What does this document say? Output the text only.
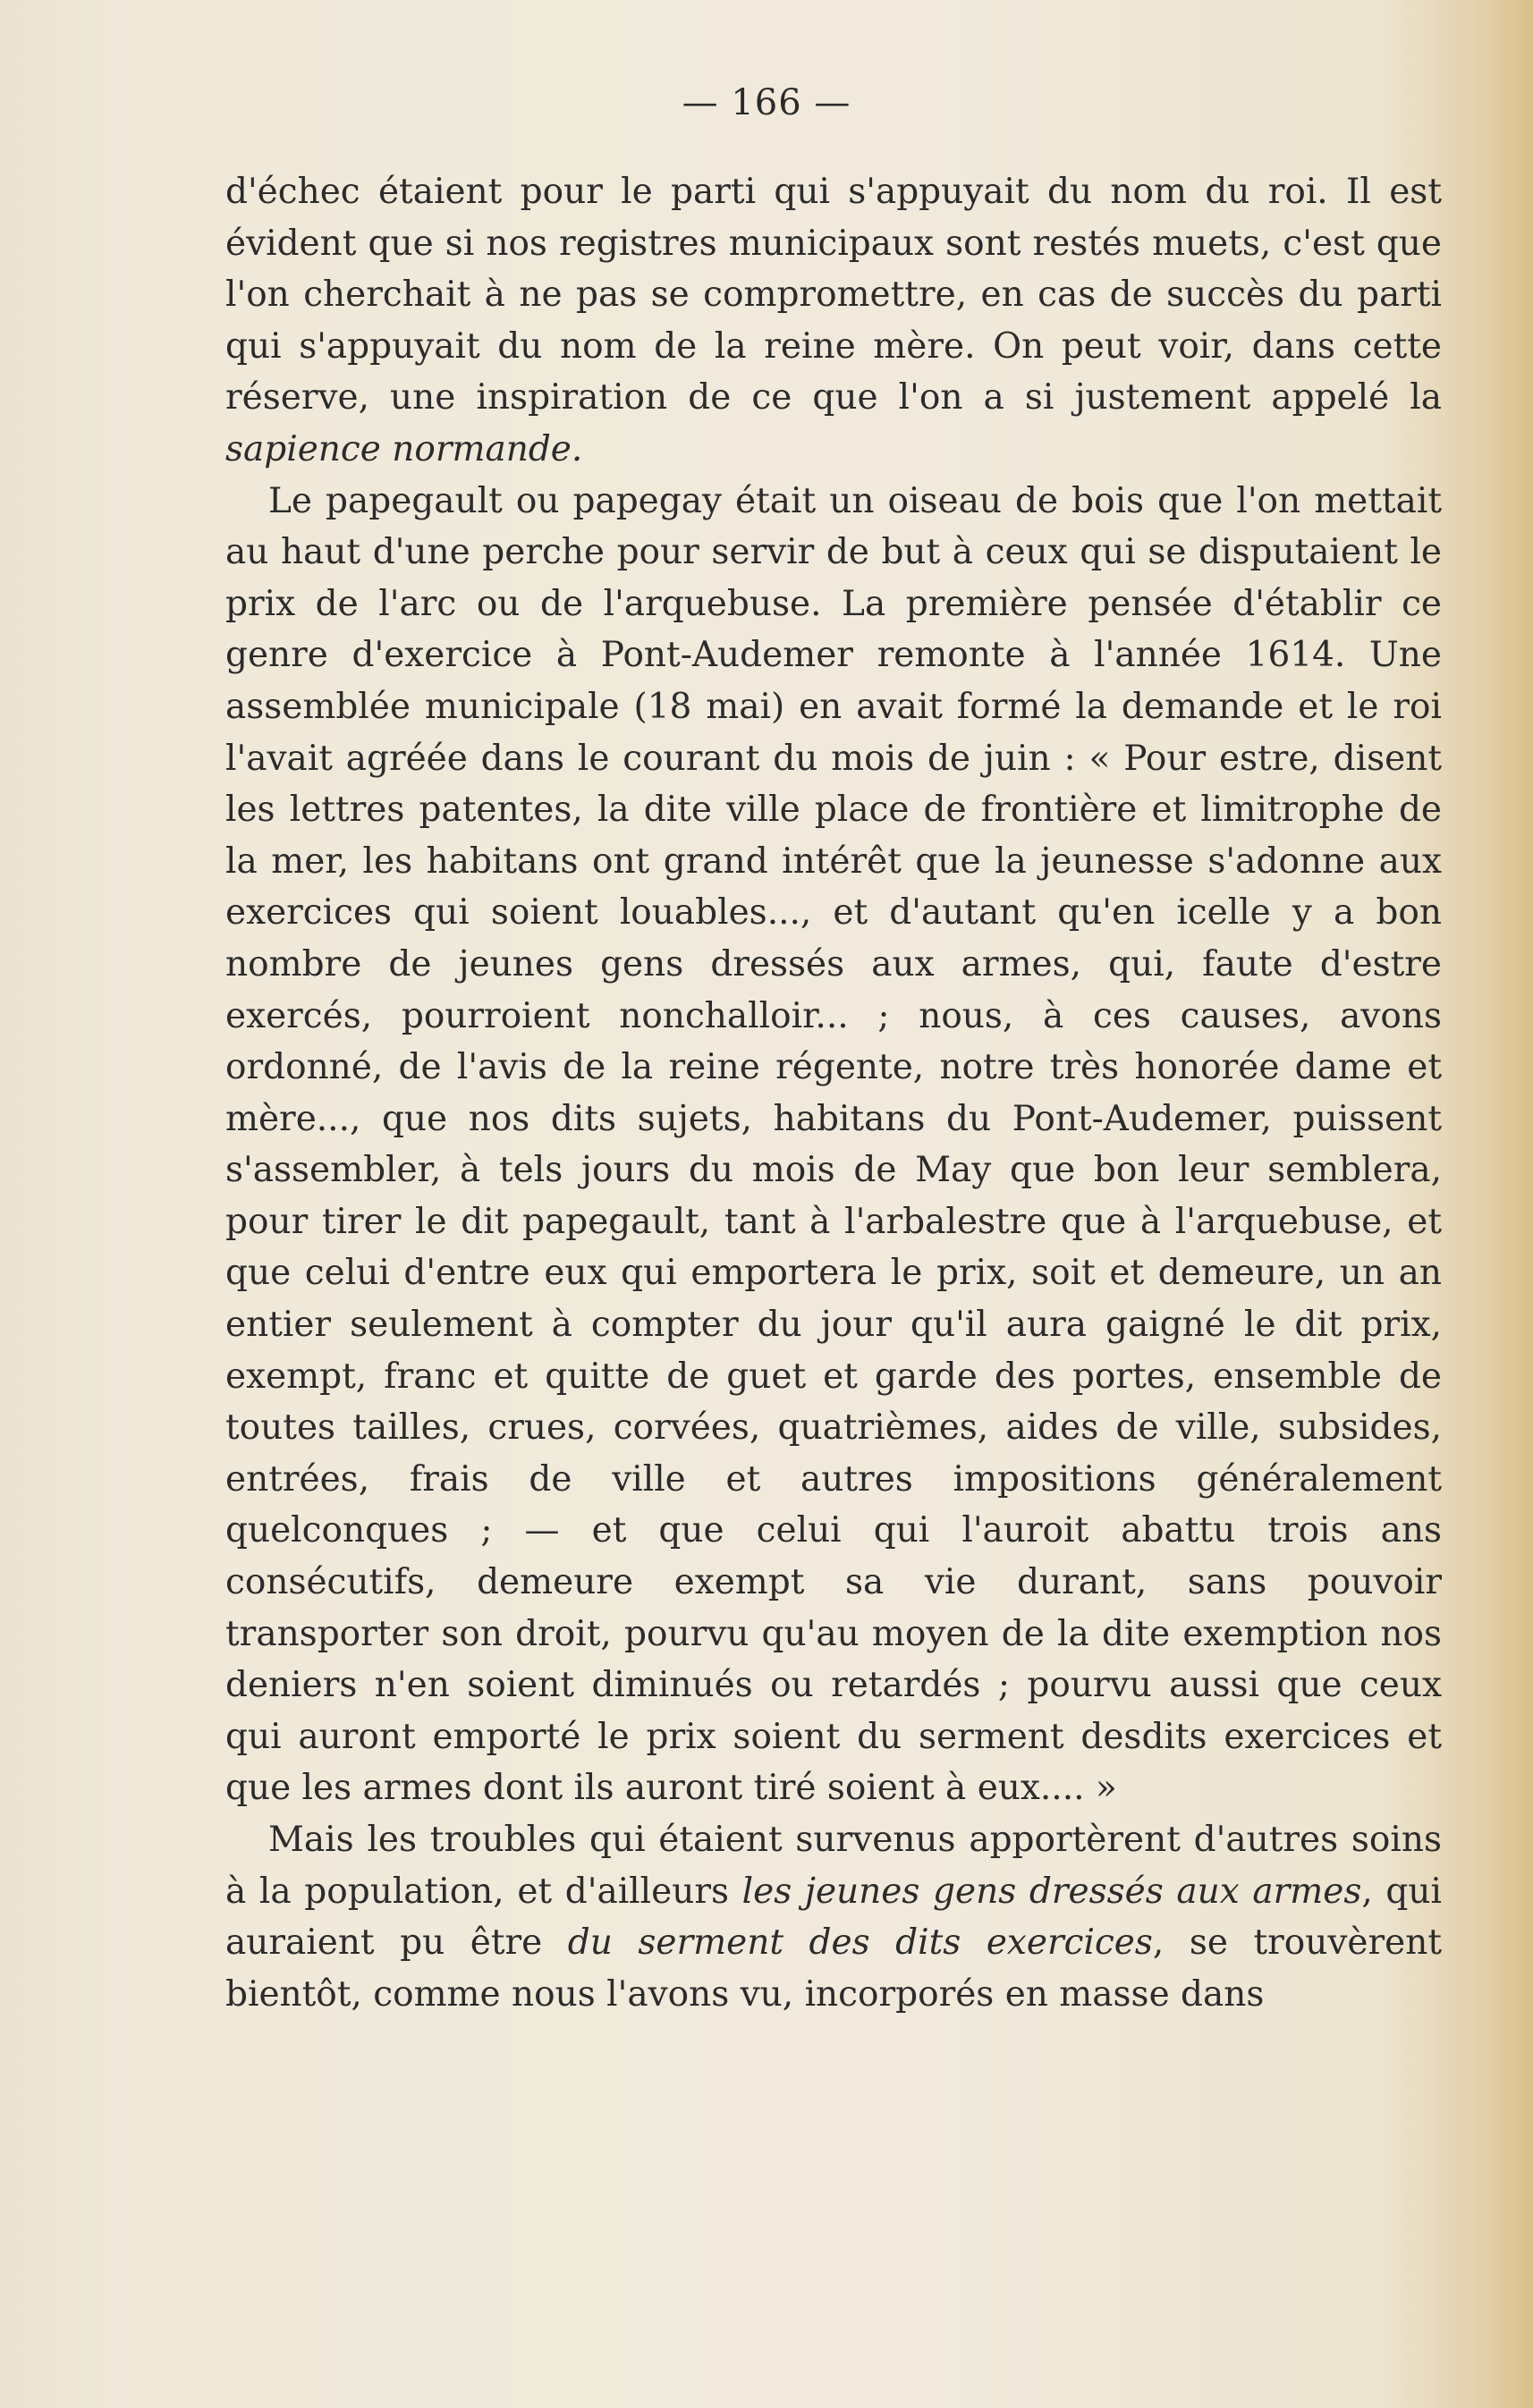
— 166 —

d'échec étaient pour le parti qui s'appuyait du nom du roi. Il est évident que si nos registres municipaux sont restés muets, c'est que l'on cherchait à ne pas se compromettre, en cas de succès du parti qui s'appuyait du nom de la reine mère. On peut voir, dans cette réserve, une inspiration de ce que l'on a si justement appelé la sapience normande.

Le papegault ou papegay était un oiseau de bois que l'on mettait au haut d'une perche pour servir de but à ceux qui se disputaient le prix de l'arc ou de l'arquebuse. La première pensée d'établir ce genre d'exercice à Pont-Audemer remonte à l'année 1614. Une assemblée municipale (18 mai) en avait formé la demande et le roi l'avait agréée dans le courant du mois de juin : « Pour estre, disent les lettres patentes, la dite ville place de frontière et limitrophe de la mer, les habitans ont grand intérêt que la jeunesse s'adonne aux exercices qui soient louables..., et d'autant qu'en icelle y a bon nombre de jeunes gens dressés aux armes, qui, faute d'estre exercés, pourroient nonchalloir... ; nous, à ces causes, avons ordonné, de l'avis de la reine régente, notre très honorée dame et mère..., que nos dits sujets, habitans du Pont-Audemer, puissent s'assembler, à tels jours du mois de May que bon leur semblera, pour tirer le dit papegault, tant à l'arbalestre que à l'arquebuse, et que celui d'entre eux qui emportera le prix, soit et demeure, un an entier seulement à compter du jour qu'il aura gaigné le dit prix, exempt, franc et quitte de guet et garde des portes, ensemble de toutes tailles, crues, corvées, quatrièmes, aides de ville, subsides, entrées, frais de ville et autres impositions généralement quelconques ; — et que celui qui l'auroit abattu trois ans consécutifs, demeure exempt sa vie durant, sans pouvoir transporter son droit, pourvu qu'au moyen de la dite exemption nos deniers n'en soient diminués ou retardés ; pourvu aussi que ceux qui auront emporté le prix soient du serment desdits exercices et que les armes dont ils auront tiré soient à eux.... »

Mais les troubles qui étaient survenus apportèrent d'autres soins à la population, et d'ailleurs les jeunes gens dressés aux armes, qui auraient pu être du serment des dits exercices, se trouvèrent bientôt, comme nous l'avons vu, incorporés en masse dans
